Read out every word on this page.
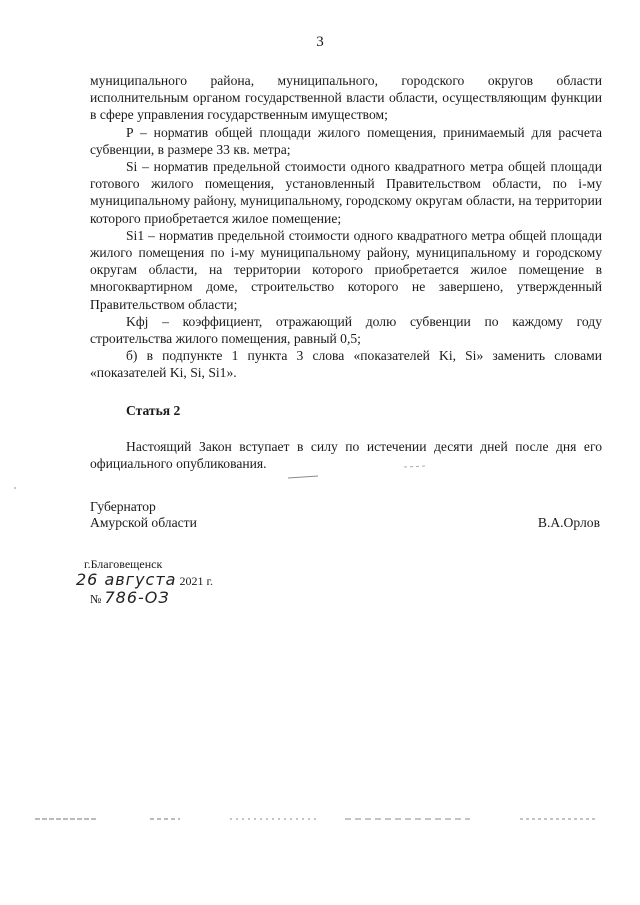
3

муниципального района, муниципального, городского округов области исполнительным органом государственной власти области, осуществляющим функции в сфере управления государственным имуществом;

P – норматив общей площади жилого помещения, принимаемый для расчета субвенции, в размере 33 кв. метра;

Si – норматив предельной стоимости одного квадратного метра общей площади готового жилого помещения, установленный Правительством области, по i-му муниципальному району, муниципальному, городскому округам области, на территории которого приобретается жилое помещение;

Si1 – норматив предельной стоимости одного квадратного метра общей площади жилого помещения по i-му муниципальному району, муниципальному и городскому округам области, на территории которого приобретается жилое помещение в многоквартирном доме, строительство которого не завершено, утвержденный Правительством области;

Kфj – коэффициент, отражающий долю субвенции по каждому году строительства жилого помещения, равный 0,5;

б) в подпункте 1 пункта 3 слова «показателей Ki, Si» заменить словами «показателей Ki, Si, Si1».

Статья 2

Настоящий Закон вступает в силу по истечении десяти дней после дня его официального опубликования.

Губернатор
Амурской области	В.А.Орлов
г.Благовещенск
26 августа 2021 г.
№ 786-ОЗ
